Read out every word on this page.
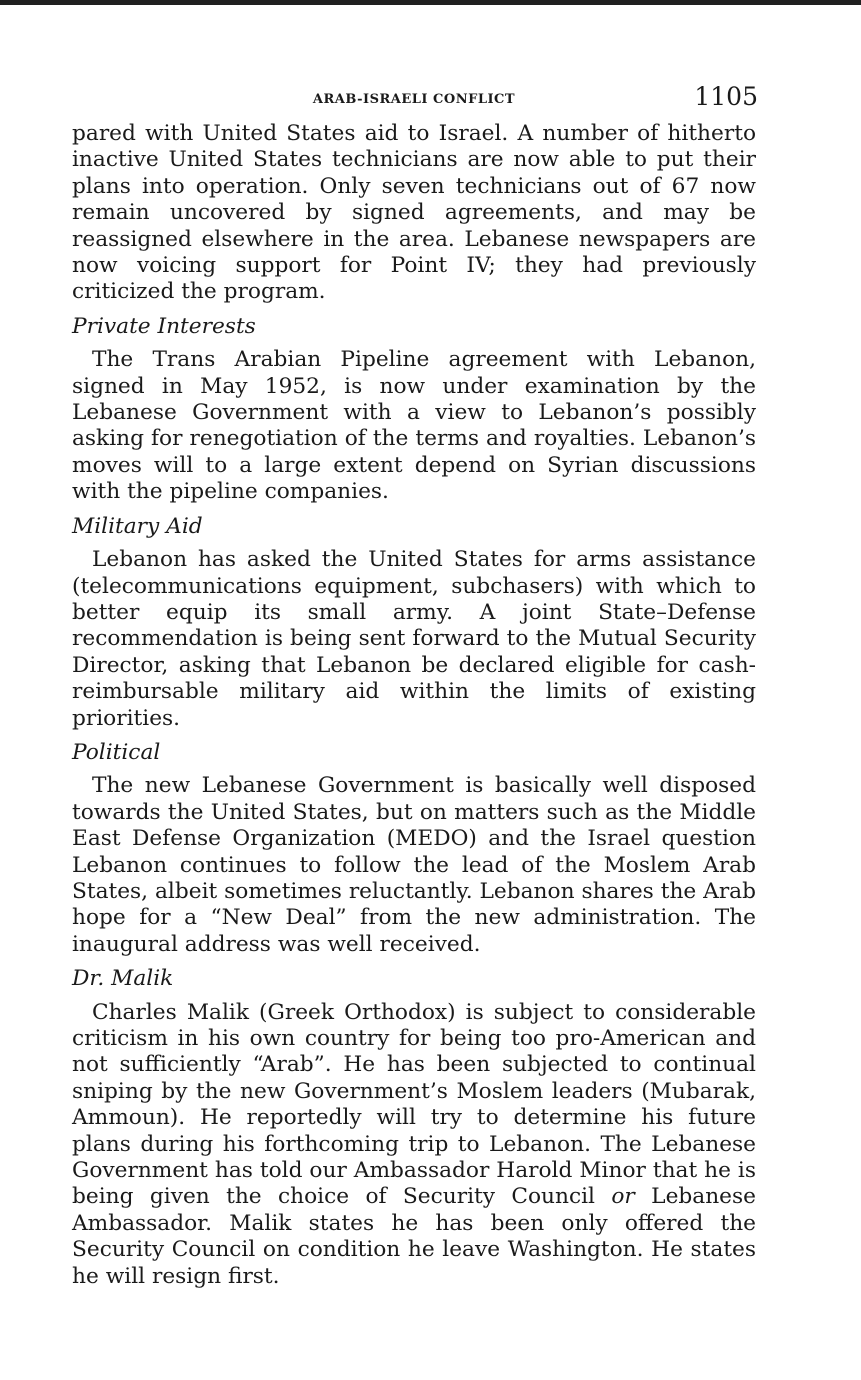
ARAB-ISRAELI CONFLICT	1105

pared with United States aid to Israel. A number of hitherto inactive United States technicians are now able to put their plans into operation. Only seven technicians out of 67 now remain uncovered by signed agreements, and may be reassigned elsewhere in the area. Lebanese newspapers are now voicing support for Point IV; they had previously criticized the program.

Private Interests

The Trans Arabian Pipeline agreement with Lebanon, signed in May 1952, is now under examination by the Lebanese Government with a view to Lebanon’s possibly asking for renegotiation of the terms and royalties. Lebanon’s moves will to a large extent depend on Syrian discussions with the pipeline companies.

Military Aid

Lebanon has asked the United States for arms assistance (telecommunications equipment, subchasers) with which to better equip its small army. A joint State–Defense recommendation is being sent forward to the Mutual Security Director, asking that Lebanon be declared eligible for cash-reimbursable military aid within the limits of existing priorities.

Political

The new Lebanese Government is basically well disposed towards the United States, but on matters such as the Middle East Defense Organization (MEDO) and the Israel question Lebanon continues to follow the lead of the Moslem Arab States, albeit sometimes reluctantly. Lebanon shares the Arab hope for a “New Deal” from the new administration. The inaugural address was well received.

Dr. Malik

Charles Malik (Greek Orthodox) is subject to considerable criticism in his own country for being too pro-American and not sufficiently “Arab”. He has been subjected to continual sniping by the new Government’s Moslem leaders (Mubarak, Ammoun). He reportedly will try to determine his future plans during his forthcoming trip to Lebanon. The Lebanese Government has told our Ambassador Harold Minor that he is being given the choice of Security Council or Lebanese Ambassador. Malik states he has been only offered the Security Council on condition he leave Washington. He states he will resign first.
